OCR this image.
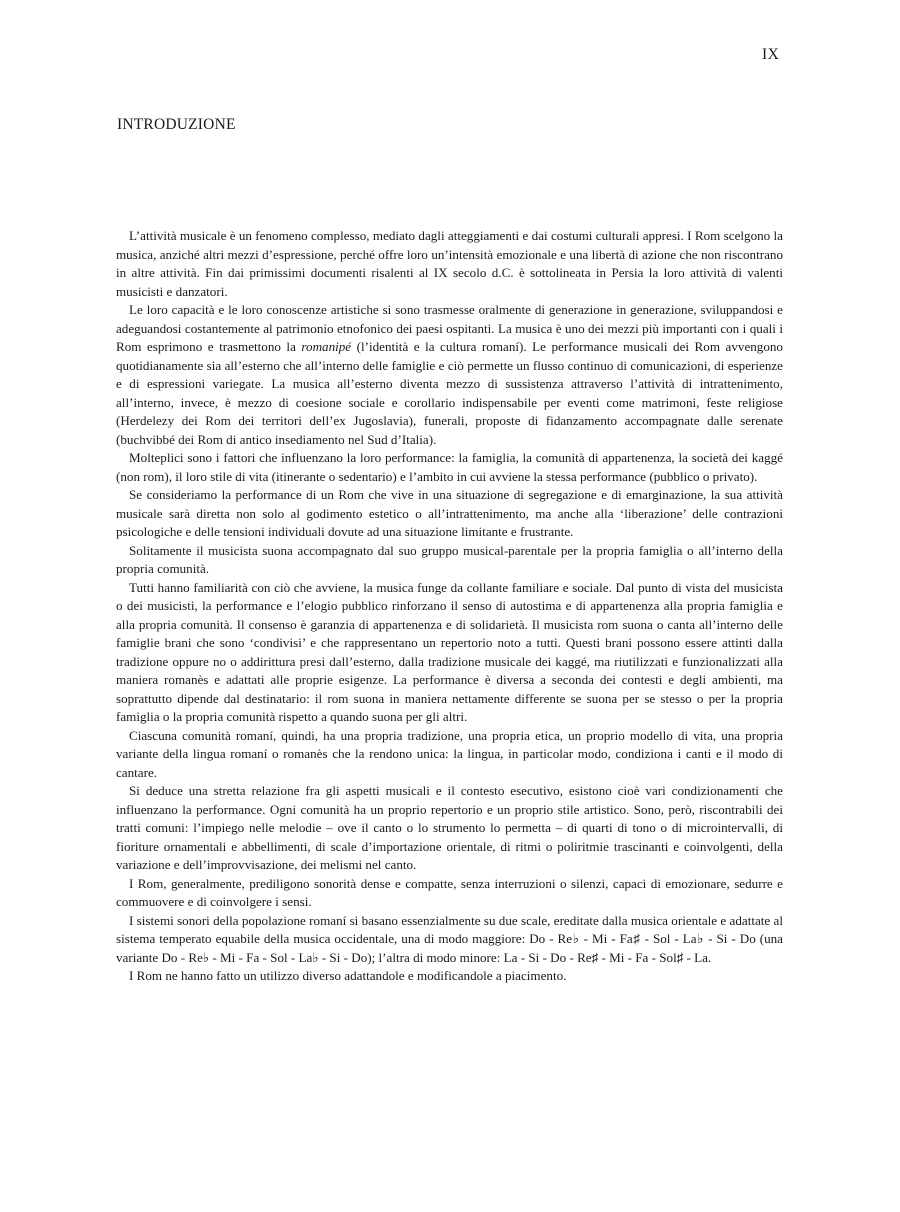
IX
INTRODUZIONE

L’attività musicale è un fenomeno complesso, mediato dagli atteggiamenti e dai costumi culturali appresi. I Rom scelgono la musica, anziché altri mezzi d’espressione, perché offre loro un’intensità emozionale e una libertà di azione che non riscontrano in altre attività. Fin dai primissimi documenti risalenti al IX secolo d.C. è sottolineata in Persia la loro attività di valenti musicisti e danzatori.

Le loro capacità e le loro conoscenze artistiche si sono trasmesse oralmente di generazione in generazione, sviluppandosi e adeguandosi costantemente al patrimonio etnofonico dei paesi ospitanti. La musica è uno dei mezzi più importanti con i quali i Rom esprimono e trasmettono la romanipé (l’identità e la cultura romaní). Le performance musicali dei Rom avvengono quotidianamente sia all’esterno che all’interno delle famiglie e ciò permette un flusso continuo di comunicazioni, di esperienze e di espressioni variegate. La musica all’esterno diventa mezzo di sussistenza attraverso l’attività di intrattenimento, all’interno, invece, è mezzo di coesione sociale e corollario indispensabile per eventi come matrimoni, feste religiose (Herdelezy dei Rom dei territori dell’ex Jugoslavia), funerali, proposte di fidanzamento accompagnate dalle serenate (buchvibbé dei Rom di antico insediamento nel Sud d’Italia).

Molteplici sono i fattori che influenzano la loro performance: la famiglia, la comunità di appartenenza, la società dei kaggé (non rom), il loro stile di vita (itinerante o sedentario) e l’ambito in cui avviene la stessa performance (pubblico o privato).

Se consideriamo la performance di un Rom che vive in una situazione di segregazione e di emarginazione, la sua attività musicale sarà diretta non solo al godimento estetico o all’intrattenimento, ma anche alla ‘liberazione’ delle contrazioni psicologiche e delle tensioni individuali dovute ad una situazione limitante e frustrante.

Solitamente il musicista suona accompagnato dal suo gruppo musical-parentale per la propria famiglia o all’interno della propria comunità.

Tutti hanno familiarità con ciò che avviene, la musica funge da collante familiare e sociale. Dal punto di vista del musicista o dei musicisti, la performance e l’elogio pubblico rinforzano il senso di autostima e di appartenenza alla propria famiglia e alla propria comunità. Il consenso è garanzia di appartenenza e di solidarietà. Il musicista rom suona o canta all’interno delle famiglie brani che sono ‘condivisi’ e che rappresentano un repertorio noto a tutti. Questi brani possono essere attinti dalla tradizione oppure no o addirittura presi dall’esterno, dalla tradizione musicale dei kaggé, ma riutilizzati e funzionalizzati alla maniera romanès e adattati alle proprie esigenze. La performance è diversa a seconda dei contesti e degli ambienti, ma soprattutto dipende dal destinatario: il rom suona in maniera nettamente differente se suona per se stesso o per la propria famiglia o la propria comunità rispetto a quando suona per gli altri.

Ciascuna comunità romaní, quindi, ha una propria tradizione, una propria etica, un proprio modello di vita, una propria variante della lingua romaní o romanès che la rendono unica: la lingua, in particolar modo, condiziona i canti e il modo di cantare.

Si deduce una stretta relazione fra gli aspetti musicali e il contesto esecutivo, esistono cioè vari condizionamenti che influenzano la performance. Ogni comunità ha un proprio repertorio e un proprio stile artistico. Sono, però, riscontrabili dei tratti comuni: l’impiego nelle melodie – ove il canto o lo strumento lo permetta – di quarti di tono o di microintervalli, di fioriture ornamentali e abbellimenti, di scale d’importazione orientale, di ritmi o poliritmie trascinanti e coinvolgenti, della variazione e dell’improvvisazione, dei melismi nel canto.

I Rom, generalmente, prediligono sonorità dense e compatte, senza interruzioni o silenzi, capaci di emozionare, sedurre e commuovere e di coinvolgere i sensi.

I sistemi sonori della popolazione romaní si basano essenzialmente su due scale, ereditate dalla musica orientale e adattate al sistema temperato equabile della musica occidentale, una di modo maggiore: Do - Re♭ - Mi - Fa♯ - Sol - La♭ - Si - Do (una variante Do - Re♭ - Mi - Fa - Sol - La♭ - Si - Do); l’altra di modo minore: La - Si - Do - Re♯ - Mi - Fa - Sol♯ - La.

I Rom ne hanno fatto un utilizzo diverso adattandole e modificandole a piacimento.
